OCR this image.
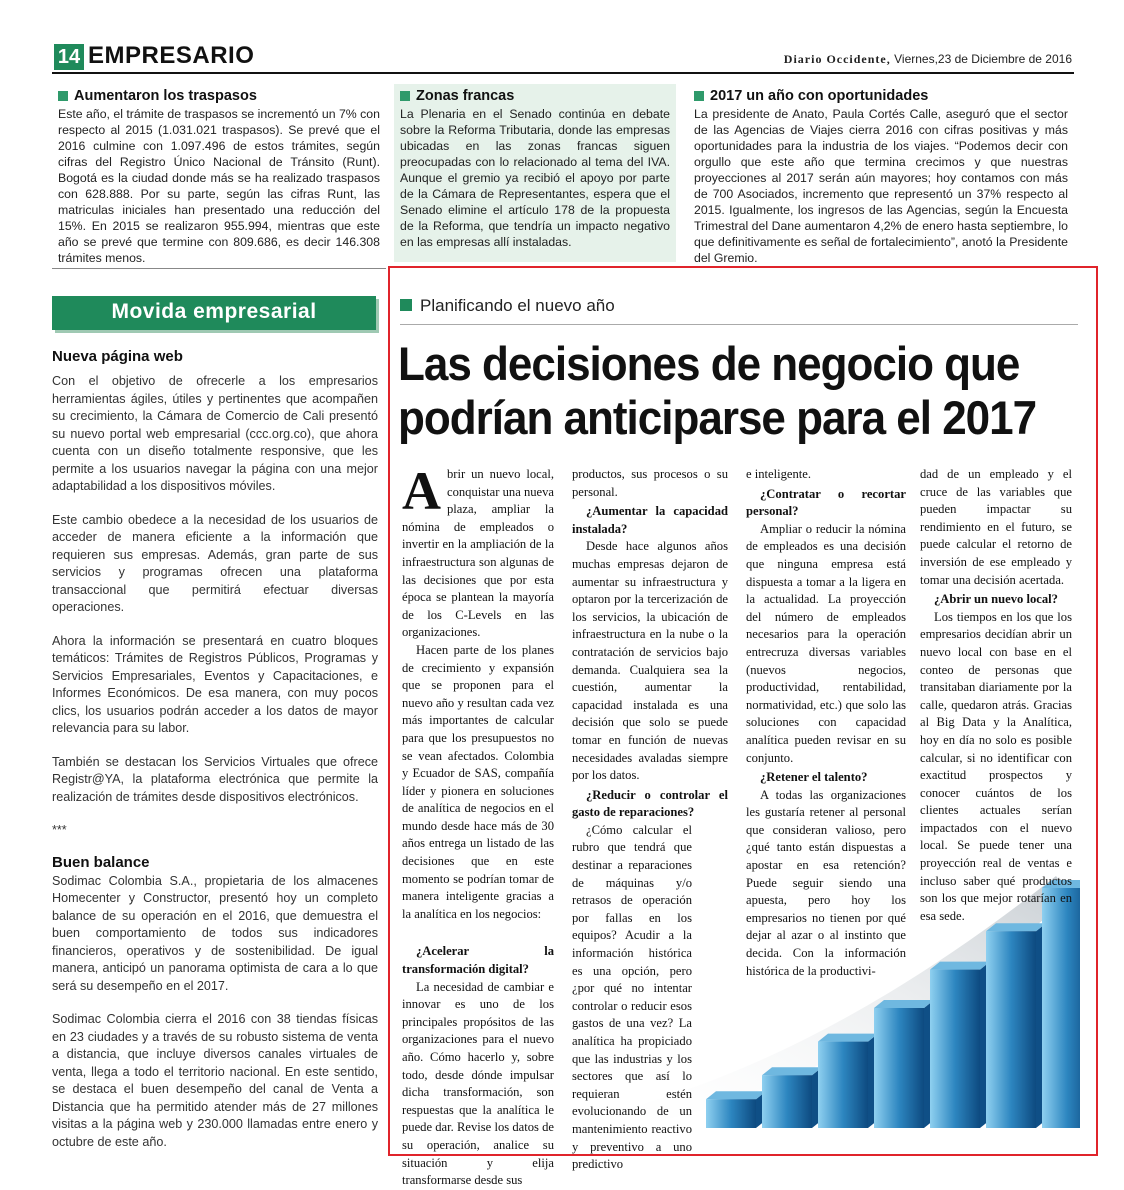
14 EMPRESARIO	Diario Occidente, Viernes,23 de Diciembre de 2016
Aumentaron los traspasos

Este año, el trámite de traspasos se incrementó un 7% con respecto al 2015 (1.031.021 traspasos). Se prevé que el 2016 culmine con 1.097.496 de estos trámites, según cifras del Registro Único Nacional de Tránsito (Runt). Bogotá es la ciudad donde más se ha realizado traspasos con 628.888. Por su parte, según las cifras Runt, las matriculas iniciales han presentado una reducción del 15%. En 2015 se realizaron 955.994, mientras que este año se prevé que termine con 809.686, es decir 146.308 trámites menos.

Zonas francas

La Plenaria en el Senado continúa en debate sobre la Reforma Tributaria, donde las empresas ubicadas en las zonas francas siguen preocupadas con lo relacionado al tema del IVA. Aunque el gremio ya recibió el apoyo por parte de la Cámara de Representantes, espera que el Senado elimine el artículo 178 de la propuesta de la Reforma, que tendría un impacto negativo en las empresas allí instaladas.

2017 un año con oportunidades

La presidente de Anato, Paula Cortés Calle, aseguró que el sector de las Agencias de Viajes cierra 2016 con cifras positivas y más oportunidades para la industria de los viajes. “Podemos decir con orgullo que este año que termina crecimos y que nuestras proyecciones al 2017 serán aún mayores; hoy contamos con más de 700 Asociados, incremento que representó un 37% respecto al 2015. Igualmente, los ingresos de las Agencias, según la Encuesta Trimestral del Dane aumentaron 4,2% de enero hasta septiembre, lo que definitivamente es señal de fortalecimiento”, anotó la Presidente del Gremio.

Movida empresarial
Nueva página web

Con el objetivo de ofrecerle a los empresarios herramientas ágiles, útiles y pertinentes que acompañen su crecimiento, la Cámara de Comercio de Cali presentó su nuevo portal web empresarial (ccc.org.co), que ahora cuenta con un diseño totalmente responsive, que les permite a los usuarios navegar la página con una mejor adaptabilidad a los dispositivos móviles.

Este cambio obedece a la necesidad de los usuarios de acceder de manera eficiente a la información que requieren sus empresas. Además, gran parte de sus servicios y programas ofrecen una plataforma transaccional que permitirá efectuar diversas operaciones.

Ahora la información se presentará en cuatro bloques temáticos: Trámites de Registros Públicos, Programas y Servicios Empresariales, Eventos y Capacitaciones, e Informes Económicos. De esa manera, con muy pocos clics, los usuarios podrán acceder a los datos de mayor relevancia para su labor.

También se destacan los Servicios Virtuales que ofrece Registr@YA, la plataforma electrónica que permite la realización de trámites desde dispositivos electrónicos.

***

Buen balance

Sodimac Colombia S.A., propietaria de los almacenes Homecenter y Constructor, presentó hoy un completo balance de su operación en el 2016, que demuestra el buen comportamiento de todos sus indicadores financieros, operativos y de sostenibilidad. De igual manera, anticipó un panorama optimista de cara a lo que será su desempeño en el 2017.

Sodimac Colombia cierra el 2016 con 38 tiendas físicas en 23 ciudades y a través de su robusto sistema de venta a distancia, que incluye diversos canales virtuales de venta, llega a todo el territorio nacional. En este sentido, se destaca el buen desempeño del canal de Venta a Distancia que ha permitido atender más de 27 millones visitas a la página web y 230.000 llamadas entre enero y octubre de este año.

Planificando el nuevo año
Las decisiones de negocio que podrían anticiparse para el 2017
A brir un nuevo local, conquistar una nueva plaza, ampliar la nómina de empleados o invertir en la ampliación de la infraestructura son algunas de las decisiones que por esta época se plantean la mayoría de los C-Levels en las organizaciones.

Hacen parte de los planes de crecimiento y expansión que se proponen para el nuevo año y resultan cada vez más importantes de calcular para que los presupuestos no se vean afectados. Colombia y Ecuador de SAS, compañía líder y pionera en soluciones de analítica de negocios en el mundo desde hace más de 30 años entrega un listado de las decisiones que en este momento se podrían tomar de manera inteligente gracias a la analítica en los negocios:

¿Acelerar la transformación digital?

La necesidad de cambiar e innovar es uno de los principales propósitos de las organizaciones para el nuevo año. Cómo hacerlo y, sobre todo, desde dónde impulsar dicha transformación, son respuestas que la analítica le puede dar. Revise los datos de su operación, analice su situación y elija transformarse desde sus

productos, sus procesos o su personal.

¿Aumentar la capacidad instalada?

Desde hace algunos años muchas empresas dejaron de aumentar su infraestructura y optaron por la tercerización de los servicios, la ubicación de infraestructura en la nube o la contratación de servicios bajo demanda. Cualquiera sea la cuestión, aumentar la capacidad instalada es una decisión que solo se puede tomar en función de nuevas necesidades avaladas siempre por los datos.

¿Reducir o controlar el gasto de reparaciones?

¿Cómo calcular el rubro que tendrá que destinar a reparaciones de máquinas y/o retrasos de operación por fallas en los equipos? Acudir a la información histórica es una opción, pero ¿por qué no intentar controlar o reducir esos gastos de una vez? La analítica ha propiciado que las industrias y los sectores que así lo requieran estén evolucionando de un mantenimiento reactivo y preventivo a uno predictivo

e inteligente.

¿Contratar o recortar personal?

Ampliar o reducir la nómina de empleados es una decisión que ninguna empresa está dispuesta a tomar a la ligera en la actualidad. La proyección del número de empleados necesarios para la operación entrecruza diversas variables (nuevos negocios, productividad, rentabilidad, normatividad, etc.) que solo las soluciones con capacidad analítica pueden revisar en su conjunto.

¿Retener el talento?

A todas las organizaciones les gustaría retener al personal que consideran valioso, pero ¿qué tanto están dispuestas a apostar en esa retención? Puede seguir siendo una apuesta, pero hoy los empresarios no tienen por qué dejar al azar o al instinto que decida. Con la información histórica de la productivi-

dad de un empleado y el cruce de las variables que pueden impactar su rendimiento en el futuro, se puede calcular el retorno de inversión de ese empleado y tomar una decisión acertada.

¿Abrir un nuevo local?

Los tiempos en los que los empresarios decidían abrir un nuevo local con base en el conteo de personas que transitaban diariamente por la calle, quedaron atrás. Gracias al Big Data y la Analítica, hoy en día no solo es posible calcular, si no identificar con exactitud prospectos y conocer cuántos de los clientes actuales serían impactados con el nuevo local. Se puede tener una proyección real de ventas e incluso saber qué productos son los que mejor rotarían en esa sede.
